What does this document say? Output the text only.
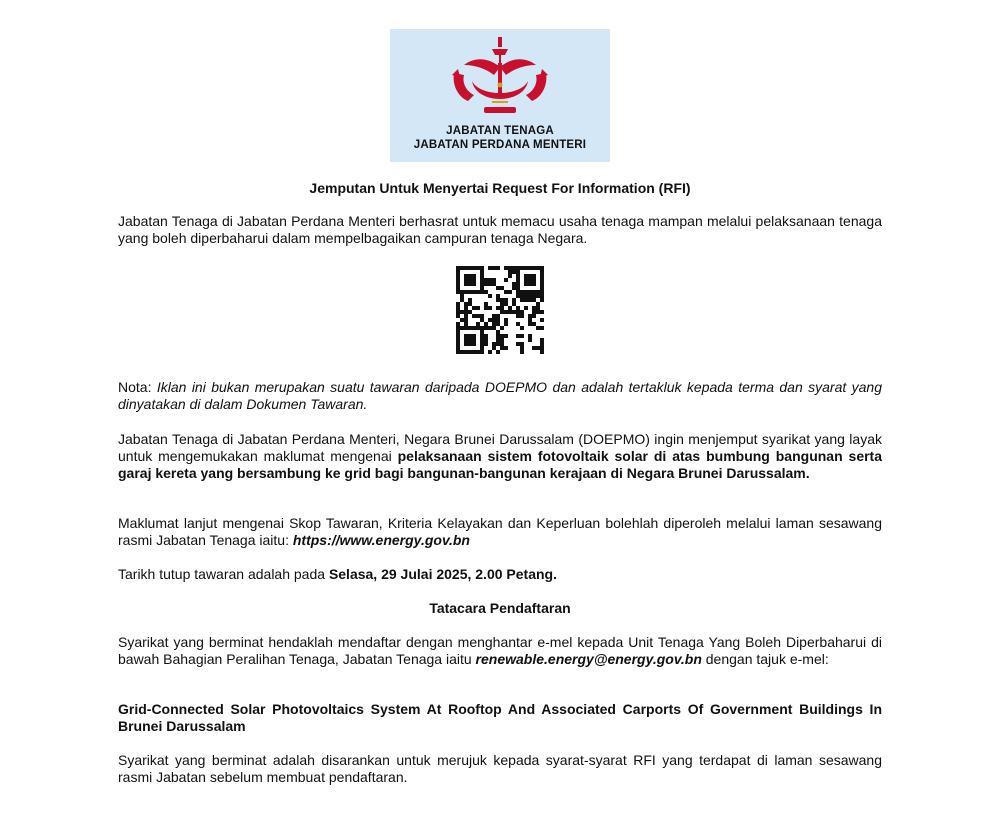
JABATAN TENAGA
JABATAN PERDANA MENTERI
Jemputan Untuk Menyertai Request For Information (RFI)
Jabatan Tenaga di Jabatan Perdana Menteri berhasrat untuk memacu usaha tenaga mampan melalui pelaksanaan tenaga yang boleh diperbaharui dalam mempelbagaikan campuran tenaga Negara.
Nota: Iklan ini bukan merupakan suatu tawaran daripada DOEPMO dan adalah tertakluk kepada terma dan syarat yang dinyatakan di dalam Dokumen Tawaran.
Jabatan Tenaga di Jabatan Perdana Menteri, Negara Brunei Darussalam (DOEPMO) ingin menjemput syarikat yang layak untuk mengemukakan maklumat mengenai pelaksanaan sistem fotovoltaik solar di atas bumbung bangunan serta garaj kereta yang bersambung ke grid bagi bangunan-bangunan kerajaan di Negara Brunei Darussalam.
Maklumat lanjut mengenai Skop Tawaran, Kriteria Kelayakan dan Keperluan bolehlah diperoleh melalui laman sesawang rasmi Jabatan Tenaga iaitu: https://www.energy.gov.bn
Tarikh tutup tawaran adalah pada Selasa, 29 Julai 2025, 2.00 Petang.
Tatacara Pendaftaran
Syarikat yang berminat hendaklah mendaftar dengan menghantar e-mel kepada Unit Tenaga Yang Boleh Diperbaharui di bawah Bahagian Peralihan Tenaga, Jabatan Tenaga iaitu renewable.energy@energy.gov.bn dengan tajuk e-mel:
Grid-Connected Solar Photovoltaics System At Rooftop And Associated Carports Of Government Buildings In Brunei Darussalam
Syarikat yang berminat adalah disarankan untuk merujuk kepada syarat-syarat RFI yang terdapat di laman sesawang rasmi Jabatan sebelum membuat pendaftaran.
